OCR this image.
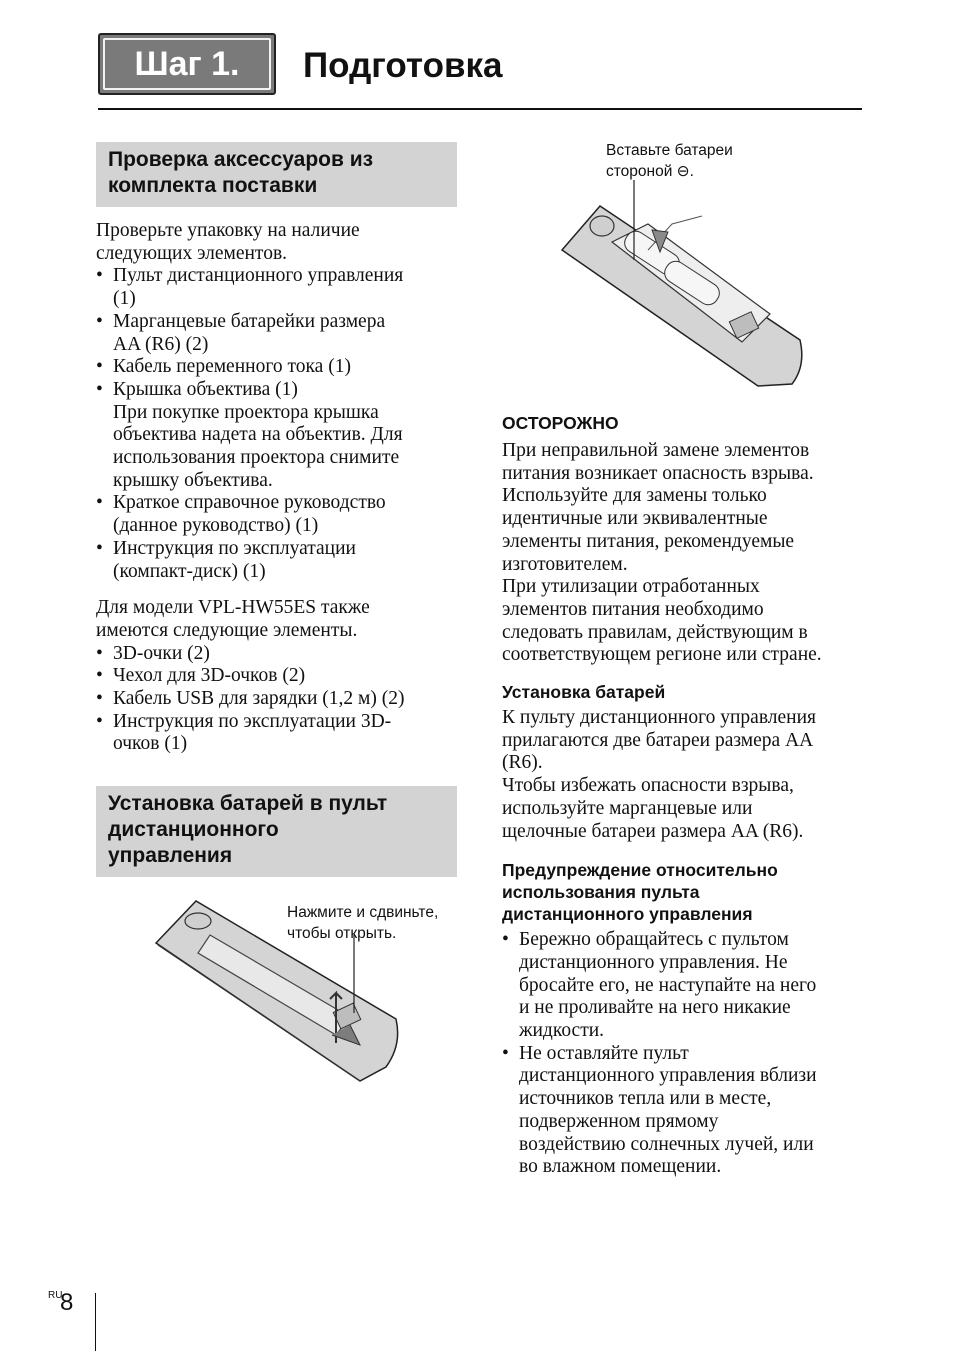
Шаг 1.	Подготовка
Проверка аксессуаров из
комплекта поставки

Проверьте упаковку на наличие

следующих элементов.

• Пульт дистанционного управления
(1)
• Марганцевые батарейки размера
AA (R6) (2)
• Кабель переменного тока (1)
• Крышка объектива (1)
При покупке проектора крышка
объектива надета на объектив. Для
использования проектора снимите
крышку объектива.
• Краткое справочное руководство
(данное руководство) (1)
• Инструкция по эксплуатации
(компакт-диск) (1)

Для модели VPL-HW55ES также

имеются следующие элементы.

• 3D-очки (2)
• Чехол для 3D-очков (2)
• Кабель USB для зарядки (1,2 м) (2)
• Инструкция по эксплуатации 3D-
очков (1)
Установка батарей в пульт
дистанционного
управления
Нажмите и сдвиньте,
чтобы открыть.
Вставьте батареи
стороной ⊖.
ОСТОРОЖНО

При неправильной замене элементов

питания возникает опасность взрыва.

Используйте для замены только

идентичные или эквивалентные

элементы питания, рекомендуемые

изготовителем.

При утилизации отработанных

элементов питания необходимо

следовать правилам, действующим в

соответствующем регионе или стране.

Установка батарей

К пульту дистанционного управления

прилагаются две батареи размера AA

(R6).

Чтобы избежать опасности взрыва,

используйте марганцевые или

щелочные батареи размера AA (R6).

Предупреждение относительно
использования пульта
дистанционного управления
• Бережно обращайтесь с пультом
дистанционного управления. Не
бросайте его, не наступайте на него
и не проливайте на него никакие
жидкости.
• Не оставляйте пульт
дистанционного управления вблизи
источников тепла или в месте,
подверженном прямому
воздействию солнечных лучей, или
во влажном помещении.
RU
8
